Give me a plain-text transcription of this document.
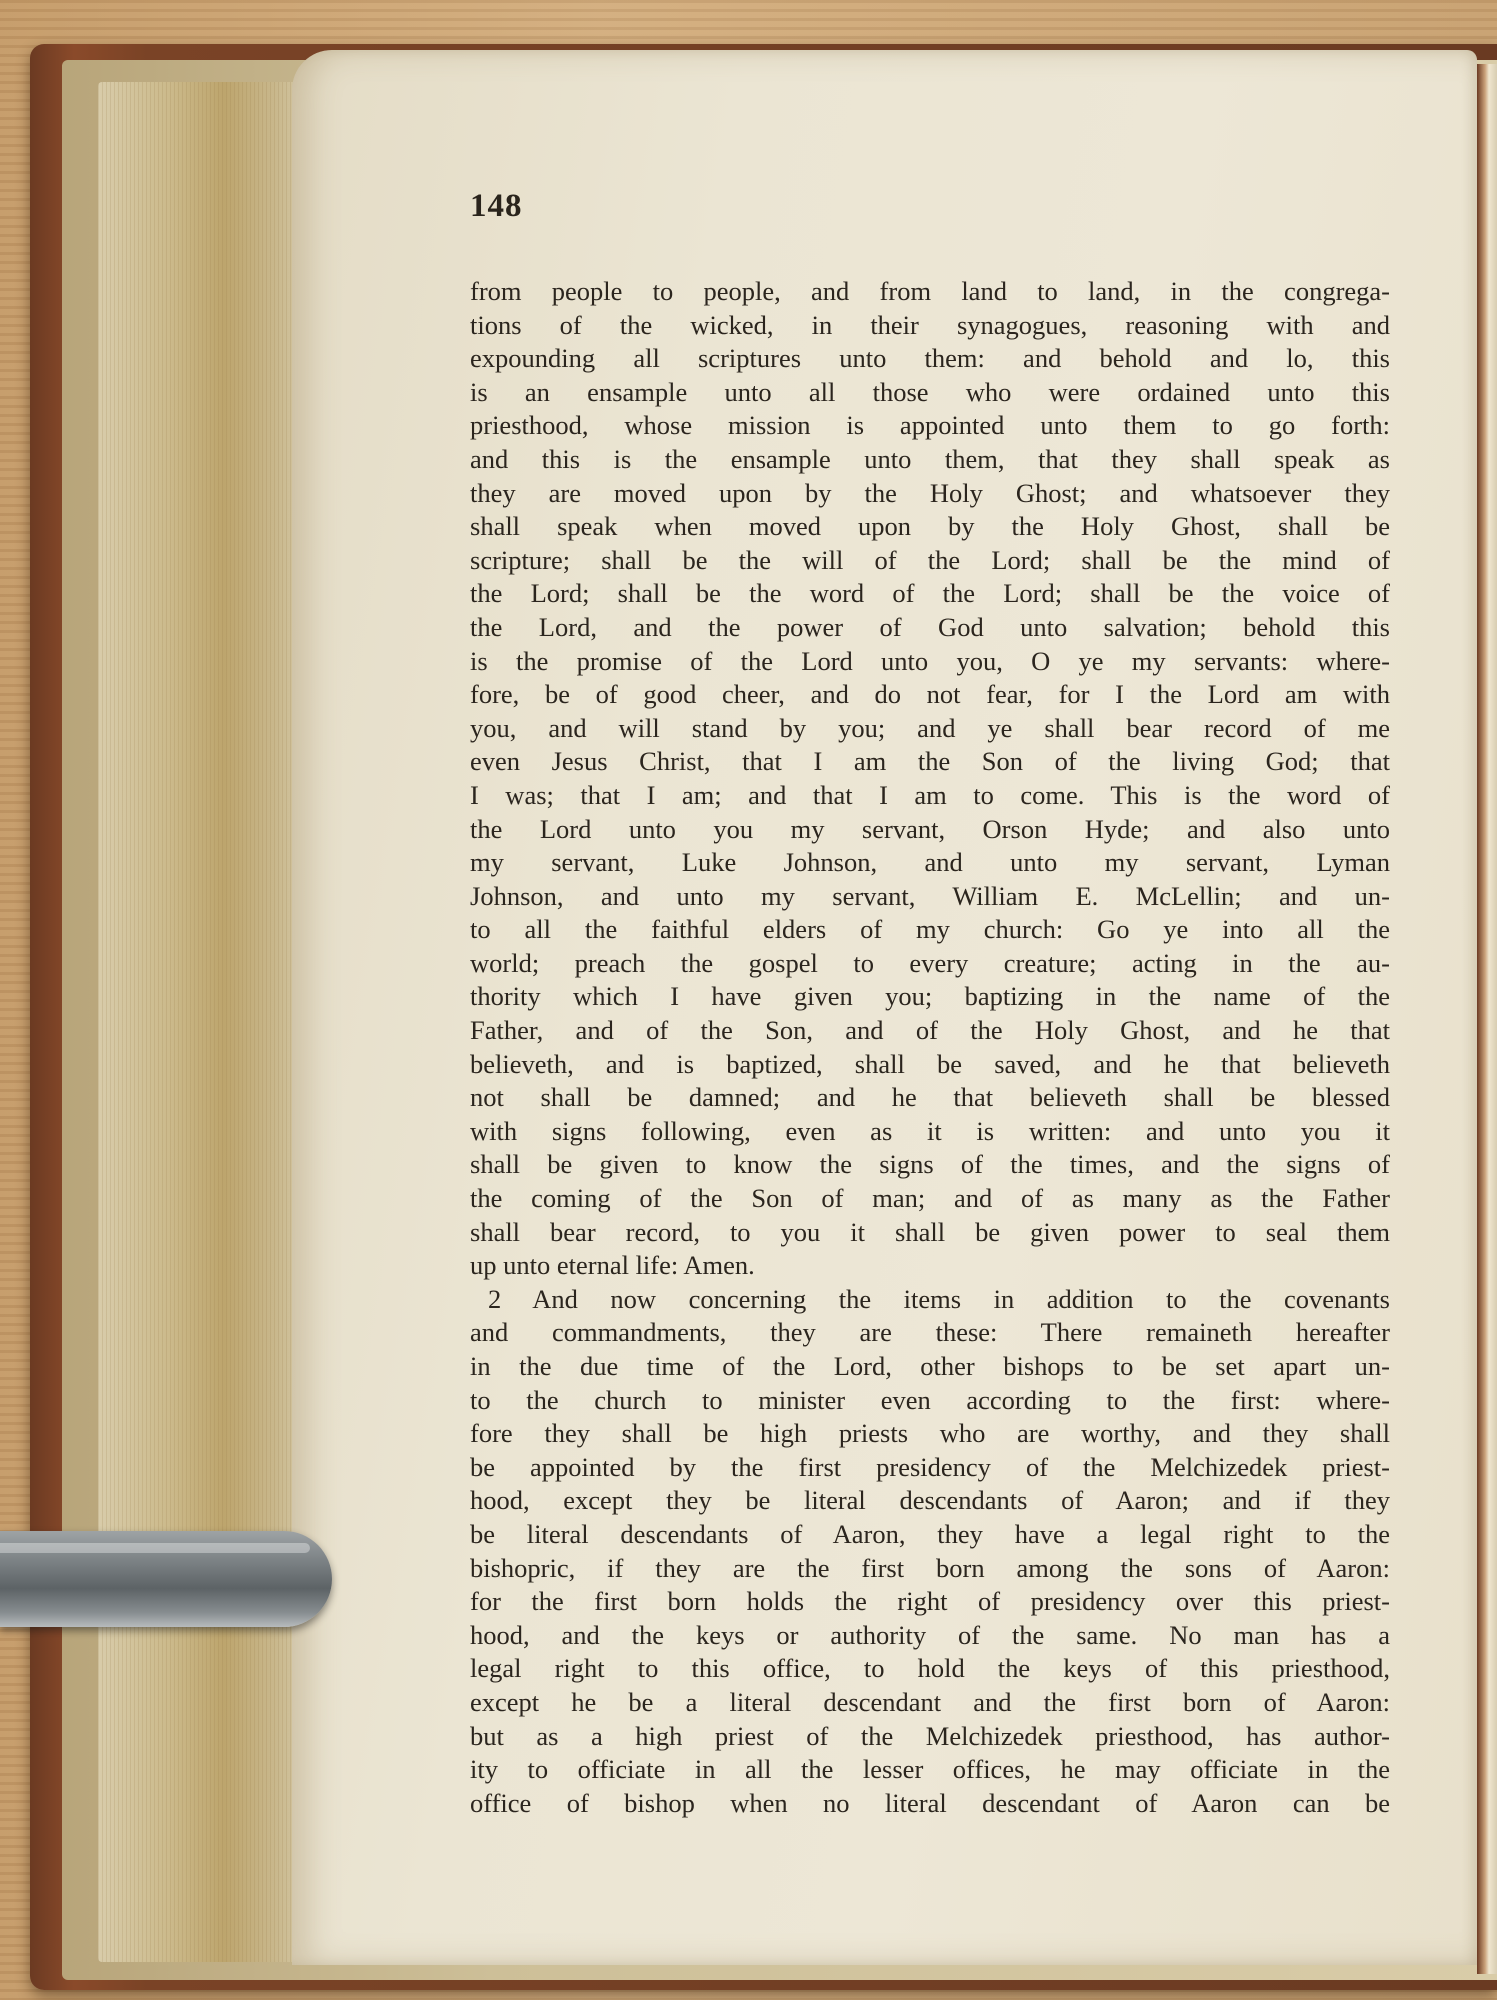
148
from people to people, and from land to land, in the congrega-
tions of the wicked, in their synagogues, reasoning with and
expounding all scriptures unto them: and behold and lo, this
is an ensample unto all those who were ordained unto this
priesthood, whose mission is appointed unto them to go forth:
and this is the ensample unto them, that they shall speak as
they are moved upon by the Holy Ghost; and whatsoever they
shall speak when moved upon by the Holy Ghost, shall be
scripture; shall be the will of the Lord; shall be the mind of
the Lord; shall be the word of the Lord; shall be the voice of
the Lord, and the power of God unto salvation; behold this
is the promise of the Lord unto you, O ye my servants: where-
fore, be of good cheer, and do not fear, for I the Lord am with
you, and will stand by you; and ye shall bear record of me
even Jesus Christ, that I am the Son of the living God; that
I was; that I am; and that I am to come. This is the word of
the Lord unto you my servant, Orson Hyde; and also unto
my servant, Luke Johnson, and unto my servant, Lyman
Johnson, and unto my servant, William E. McLellin; and un-
to all the faithful elders of my church: Go ye into all the
world; preach the gospel to every creature; acting in the au-
thority which I have given you; baptizing in the name of the
Father, and of the Son, and of the Holy Ghost, and he that
believeth, and is baptized, shall be saved, and he that believeth
not shall be damned; and he that believeth shall be blessed
with signs following, even as it is written: and unto you it
shall be given to know the signs of the times, and the signs of
the coming of the Son of man; and of as many as the Father
shall bear record, to you it shall be given power to seal them
up unto eternal life: Amen.
2 And now concerning the items in addition to the covenants
and commandments, they are these: There remaineth hereafter
in the due time of the Lord, other bishops to be set apart un-
to the church to minister even according to the first: where-
fore they shall be high priests who are worthy, and they shall
be appointed by the first presidency of the Melchizedek priest-
hood, except they be literal descendants of Aaron; and if they
be literal descendants of Aaron, they have a legal right to the
bishopric, if they are the first born among the sons of Aaron:
for the first born holds the right of presidency over this priest-
hood, and the keys or authority of the same. No man has a
legal right to this office, to hold the keys of this priesthood,
except he be a literal descendant and the first born of Aaron:
but as a high priest of the Melchizedek priesthood, has author-
ity to officiate in all the lesser offices, he may officiate in the
office of bishop when no literal descendant of Aaron can be
